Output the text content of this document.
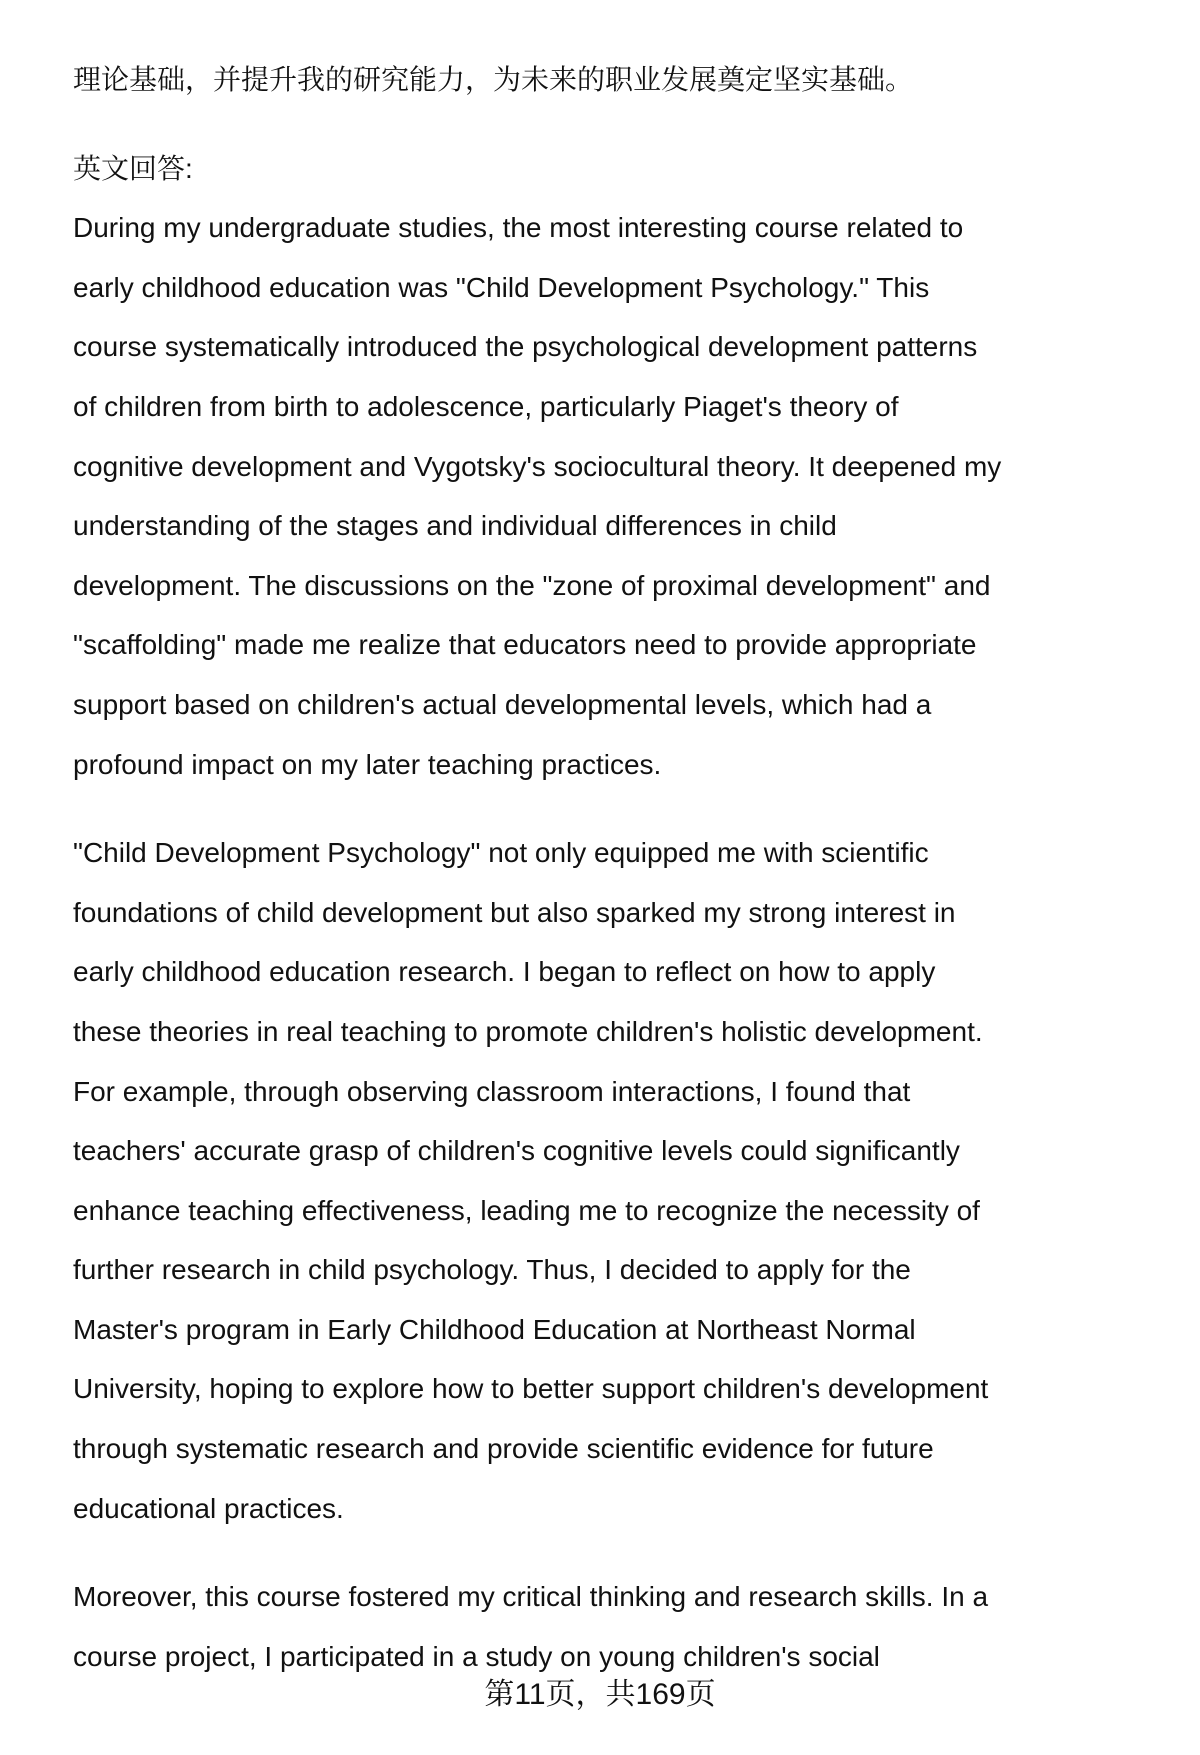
理论基础，并提升我的研究能力，为未来的职业发展奠定坚实基础。
英文回答:
During my undergraduate studies, the most interesting course related to
early childhood education was "Child Development Psychology." This
course systematically introduced the psychological development patterns
of children from birth to adolescence, particularly Piaget's theory of
cognitive development and Vygotsky's sociocultural theory. It deepened my
understanding of the stages and individual differences in child
development. The discussions on the "zone of proximal development" and
"scaffolding" made me realize that educators need to provide appropriate
support based on children's actual developmental levels, which had a
profound impact on my later teaching practices.
"Child Development Psychology" not only equipped me with scientific
foundations of child development but also sparked my strong interest in
early childhood education research. I began to reflect on how to apply
these theories in real teaching to promote children's holistic development.
For example, through observing classroom interactions, I found that
teachers' accurate grasp of children's cognitive levels could significantly
enhance teaching effectiveness, leading me to recognize the necessity of
further research in child psychology. Thus, I decided to apply for the
Master's program in Early Childhood Education at Northeast Normal
University, hoping to explore how to better support children's development
through systematic research and provide scientific evidence for future
educational practices.
Moreover, this course fostered my critical thinking and research skills. In a
course project, I participated in a study on young children's social
第11页，共169页
